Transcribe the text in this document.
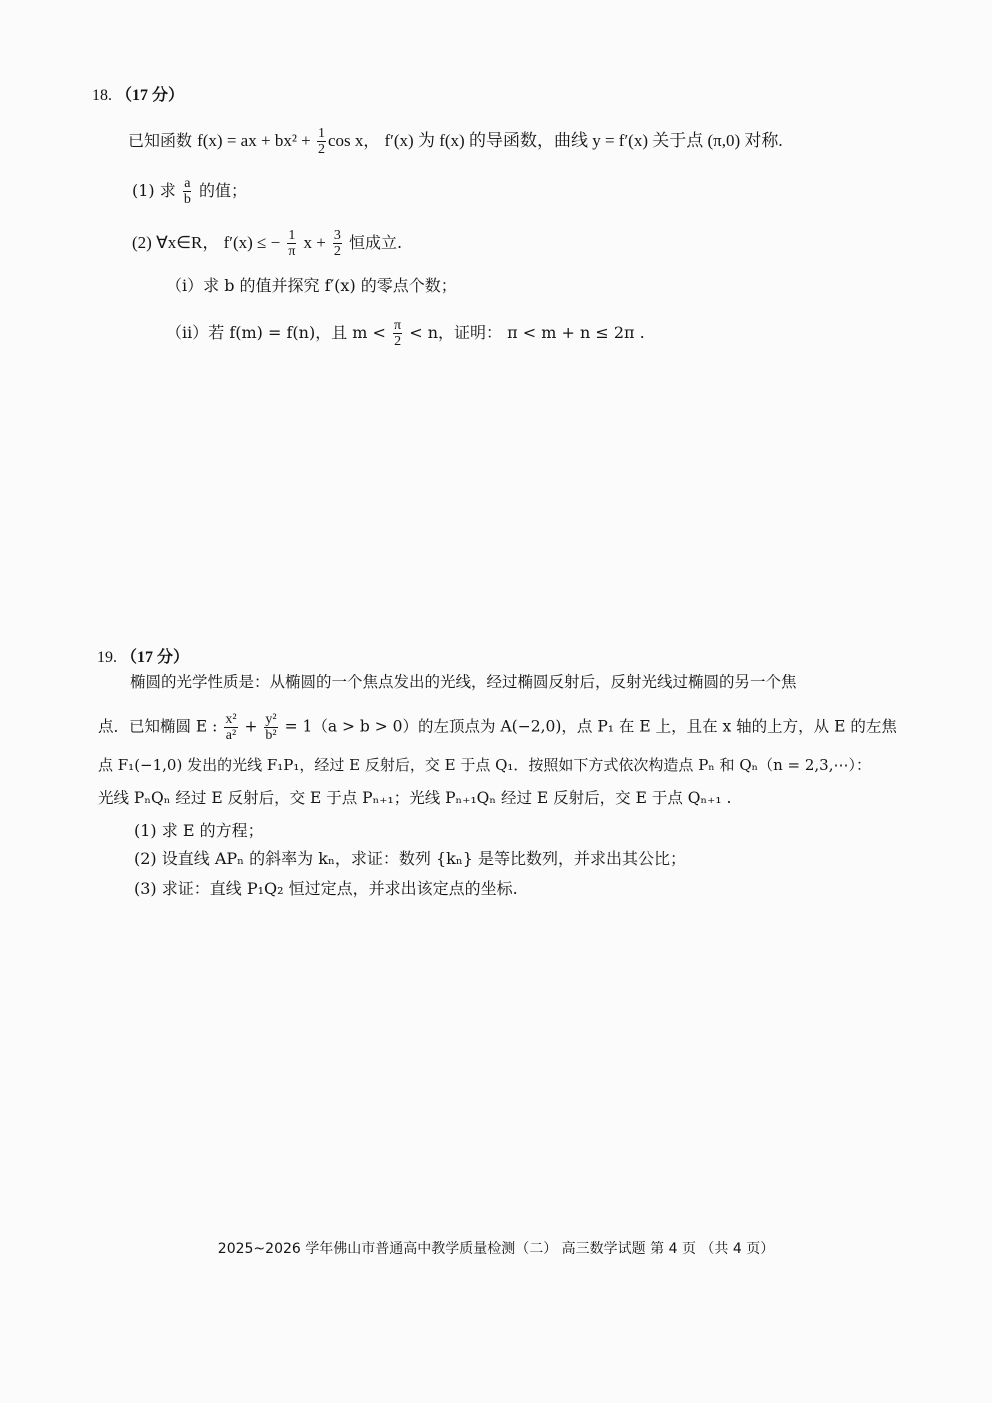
18. （17 分）
已知函数 f(x) = ax + $bx^2 + \frac{1}{2}$ cos x， f′(x) 为 f(x) 的导函数，曲线 y = f′(x) 关于点 (π,0) 对称.
(1) 求 $\frac{a}{b}$ 的值；
(2) ∀x∈R， f′(x) ≤ − $\frac{1}{\pi}$ $x + \frac{3}{2}$ 恒成立.
（i）求 b 的值并探究 f′(x) 的零点个数；
（ii）若 f(m) = f(n)，且 $m < \frac{\pi}{2} < n$，证明： π < m + n ≤ 2π .
19. （17 分）
椭圆的光学性质是：从椭圆的一个焦点发出的光线，经过椭圆反射后，反射光线过椭圆的另一个焦
点．已知椭圆 E : $\frac{\text{x²}}{\text{a²}} + \frac{\text{y²}}{\text{b²}} = 1(a > b > 0)$的左顶点为 A(−2,0)，点 P₁ 在 E 上，且在 x 轴的上方，从 E 的左焦
点 F₁(−1,0) 发出的光线 F₁P₁，经过 E 反射后，交 E 于点 Q₁．按照如下方式依次构造点 Pₙ 和 Qₙ（n = 2,3,⋯）：
光线 PₙQₙ 经过 E 反射后，交 E 于点 Pₙ₊₁；光线 Pₙ₊₁Qₙ 经过 E 反射后，交 E 于点 Qₙ₊₁ .
(1) 求 E 的方程；
(2) 设直线 APₙ 的斜率为 kₙ，求证：数列 {kₙ} 是等比数列，并求出其公比；
(3) 求证：直线 P₁Q₂ 恒过定点，并求出该定点的坐标.
2025~2026 学年佛山市普通高中教学质量检测（二） 高三数学试题 第 4 页 （共 4 页）
